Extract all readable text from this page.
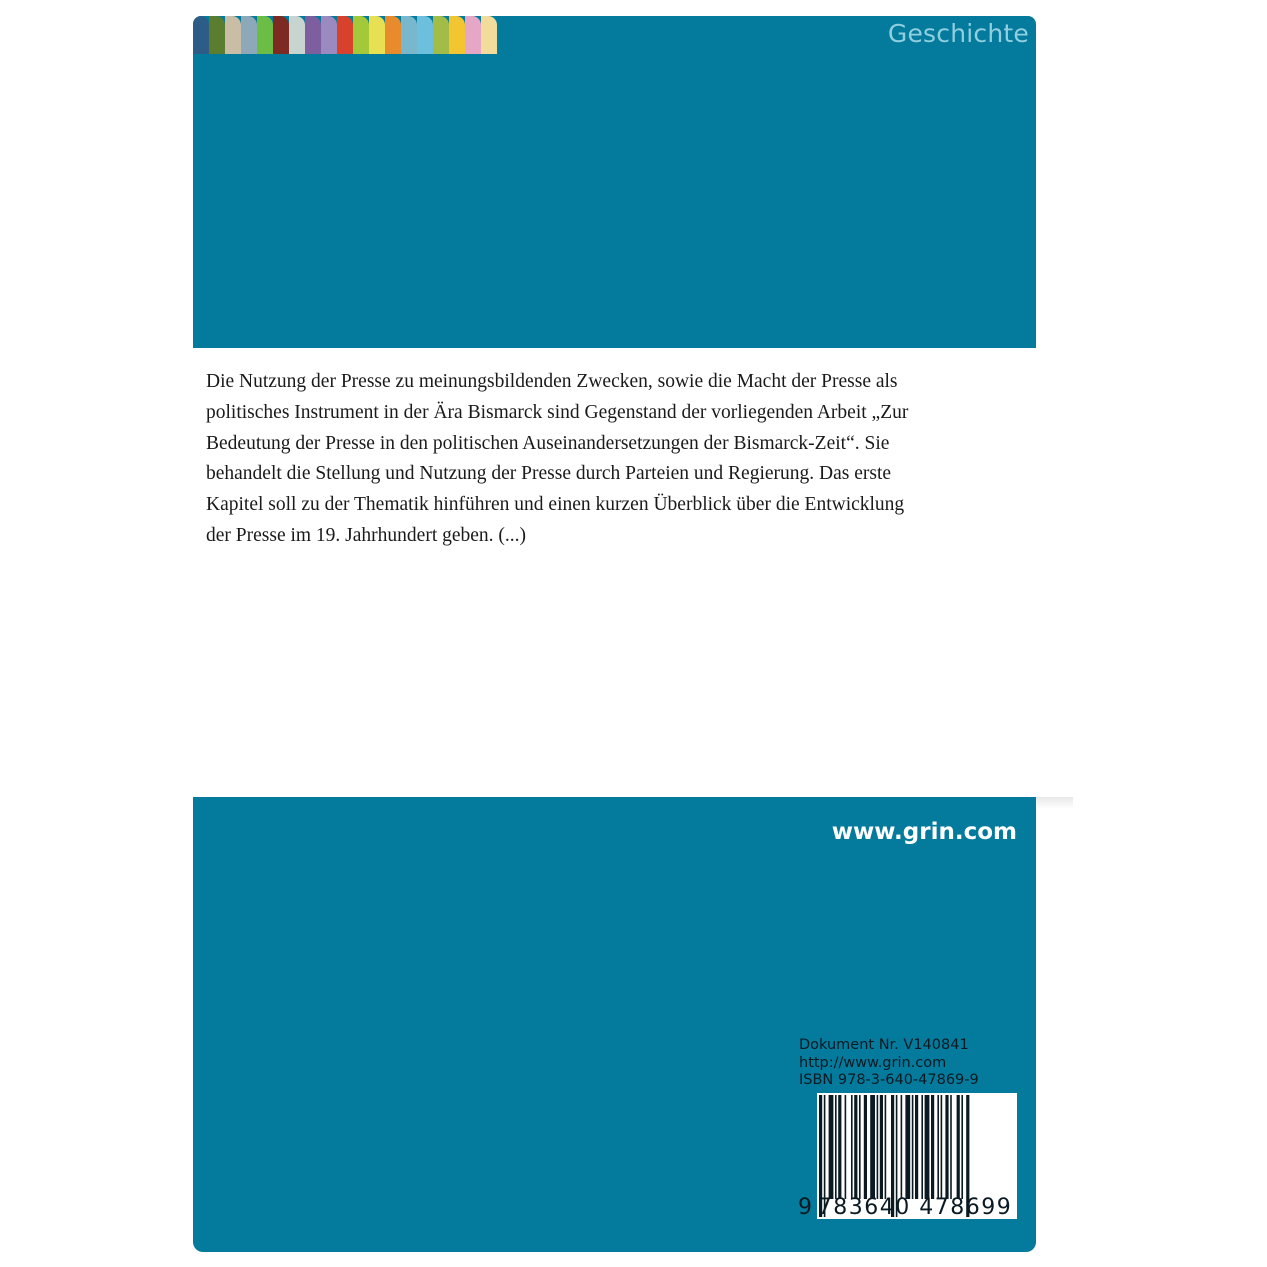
Geschichte

Die Nutzung der Presse zu meinungsbildenden Zwecken, sowie die Macht der Presse als politisches Instrument in der Ära Bismarck sind Gegenstand der vorliegenden Arbeit „Zur Bedeutung der Presse in den politischen Auseinandersetzungen der Bismarck-Zeit“. Sie behandelt die Stellung und Nutzung der Presse durch Parteien und Regierung. Das erste Kapitel soll zu der Thematik hinführen und einen kurzen Überblick über die Entwicklung der Presse im 19. Jahrhundert geben. (...)

www.grin.com
Dokument Nr. V140841
http://www.grin.com
ISBN 978-3-640-47869-9
9 783640 478699
